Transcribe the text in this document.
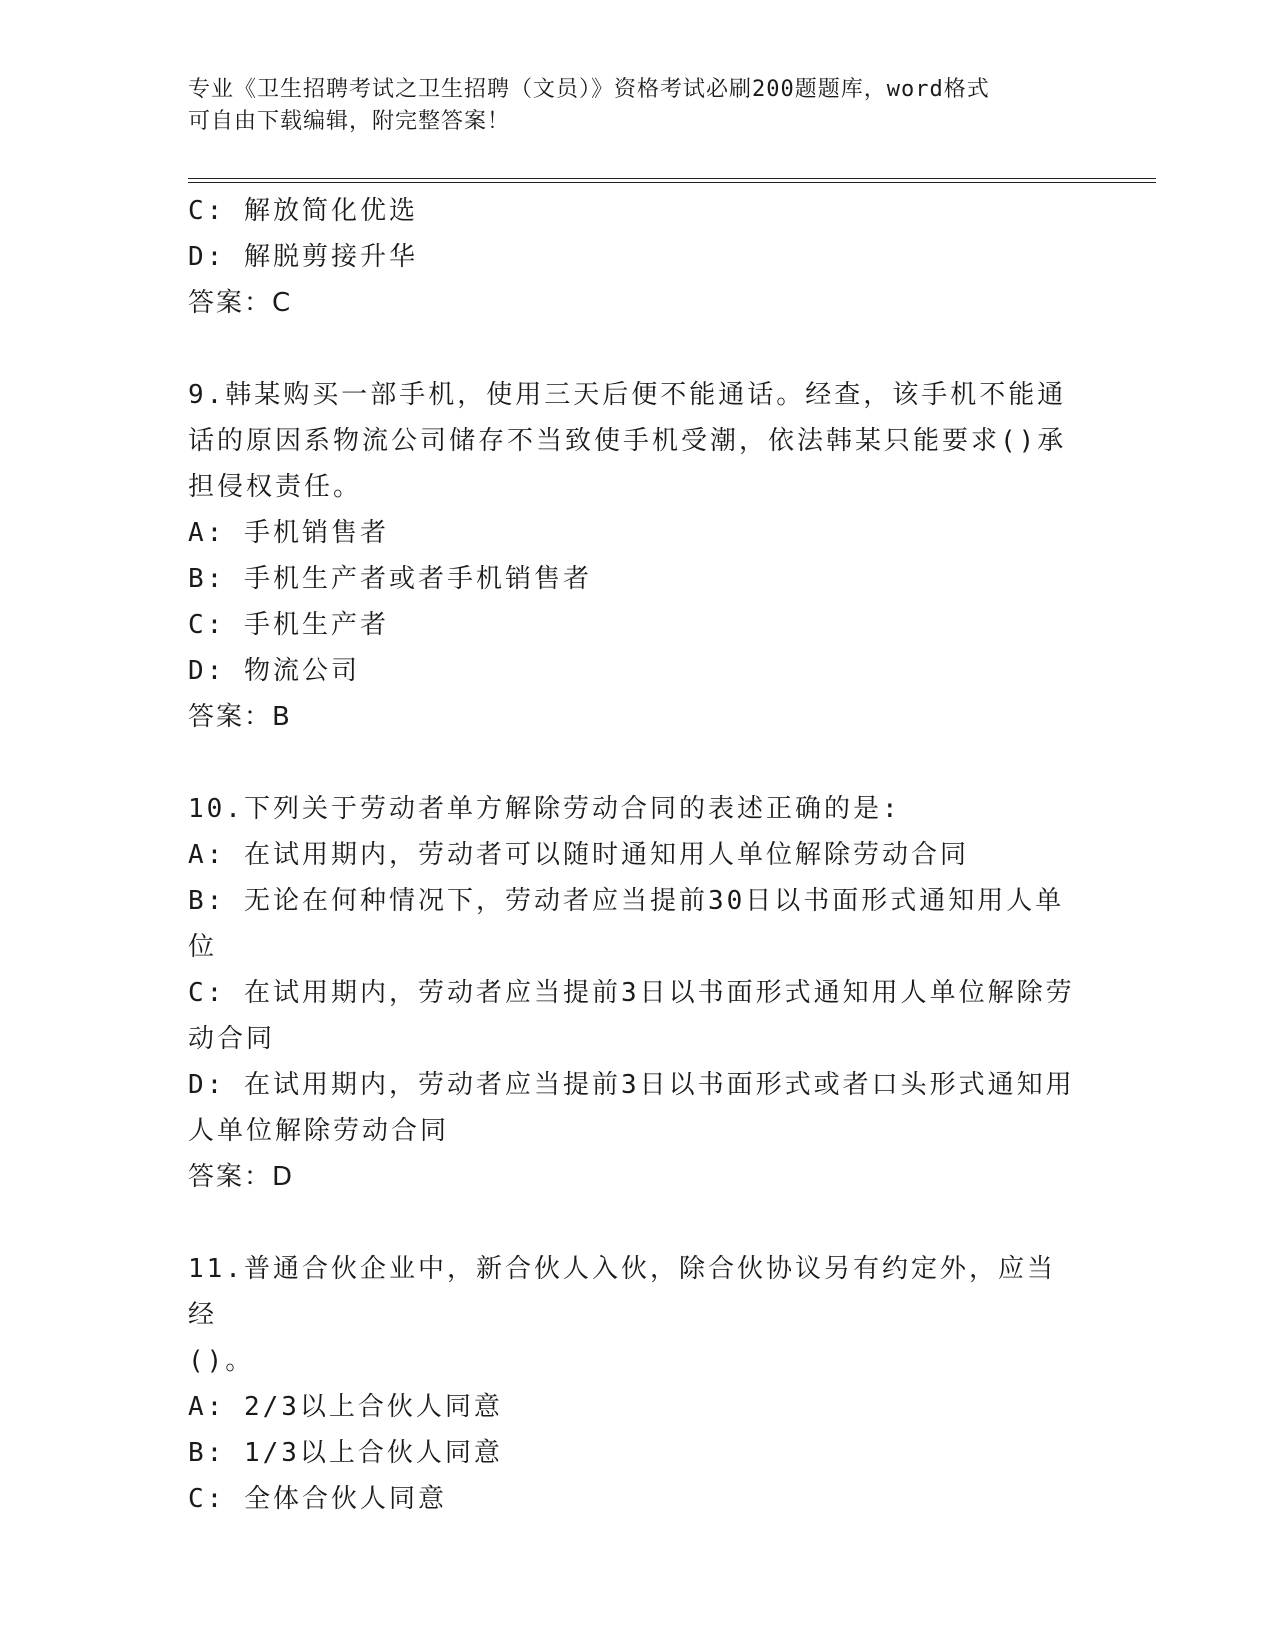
专业《卫生招聘考试之卫生招聘（文员）》资格考试必刷200题题库，word格式
可自由下载编辑，附完整答案！
C: 解放简化优选
D: 解脱剪接升华
答案：C
9.韩某购买一部手机，使用三天后便不能通话。经查，该手机不能通
话的原因系物流公司储存不当致使手机受潮，依法韩某只能要求()承
担侵权责任。
A: 手机销售者
B: 手机生产者或者手机销售者
C: 手机生产者
D: 物流公司
答案：B
10.下列关于劳动者单方解除劳动合同的表述正确的是:
A: 在试用期内，劳动者可以随时通知用人单位解除劳动合同
B: 无论在何种情况下，劳动者应当提前30日以书面形式通知用人单
位
C: 在试用期内，劳动者应当提前3日以书面形式通知用人单位解除劳
动合同
D: 在试用期内，劳动者应当提前3日以书面形式或者口头形式通知用
人单位解除劳动合同
答案：D
11.普通合伙企业中，新合伙人入伙，除合伙协议另有约定外，应当经
()。
A: 2/3以上合伙人同意
B: 1/3以上合伙人同意
C: 全体合伙人同意
